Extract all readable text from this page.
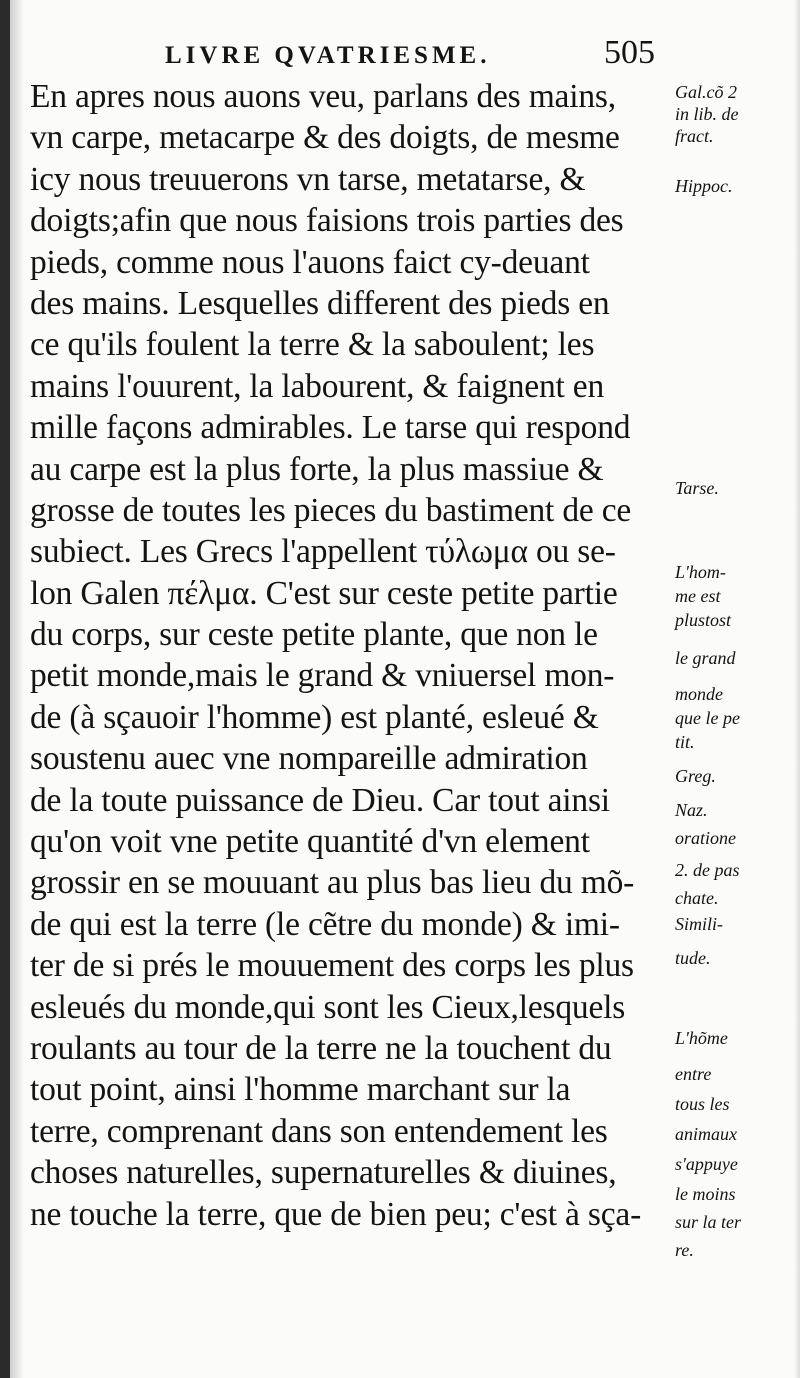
LIVRE QVATRIESME.	505
En apres nous auons veu, parlans des mains,
vn carpe, metacarpe & des doigts, de mesme
icy nous treuuerons vn tarse, metatarse, &
doigts;afin que nous faisions trois parties des
pieds, comme nous l'auons faict cy-deuant
des mains. Lesquelles different des pieds en
ce qu'ils foulent la terre & la saboulent; les
mains l'ouurent, la labourent, & faignent en
mille façons admirables. Le tarse qui respond
au carpe est la plus forte, la plus massiue &
grosse de toutes les pieces du bastiment de ce
subiect. Les Grecs l'appellent τύλωμα ou se-
lon Galen πέλμα. C'est sur ceste petite partie
du corps, sur ceste petite plante, que non le
petit monde,mais le grand & vniuersel mon-
de (à sçauoir l'homme) est planté, esleué &
soustenu auec vne nompareille admiration
de la toute puissance de Dieu. Car tout ainsi
qu'on voit vne petite quantité d'vn element
grossir en se mouuant au plus bas lieu du mõ-
de qui est la terre (le cẽtre du monde) & imi-
ter de si prés le mouuement des corps les plus
esleués du monde,qui sont les Cieux,lesquels
roulants au tour de la terre ne la touchent du
tout point, ainsi l'homme marchant sur la
terre, comprenant dans son entendement les
choses naturelles, supernaturelles & diuines,
ne touche la terre, que de bien peu; c'est à sça-
Gal.cõ 2
in lib. de
fract.
Hippoc.
Tarse.
L'hom-
me est
plustost
le grand
monde
que le pe
tit.
Greg.
Naz.
oratione
2. de pas
chate.
Simili-
tude.
L'hõme
entre
tous les
animaux
s'appuye
le moins
sur la ter
re.
